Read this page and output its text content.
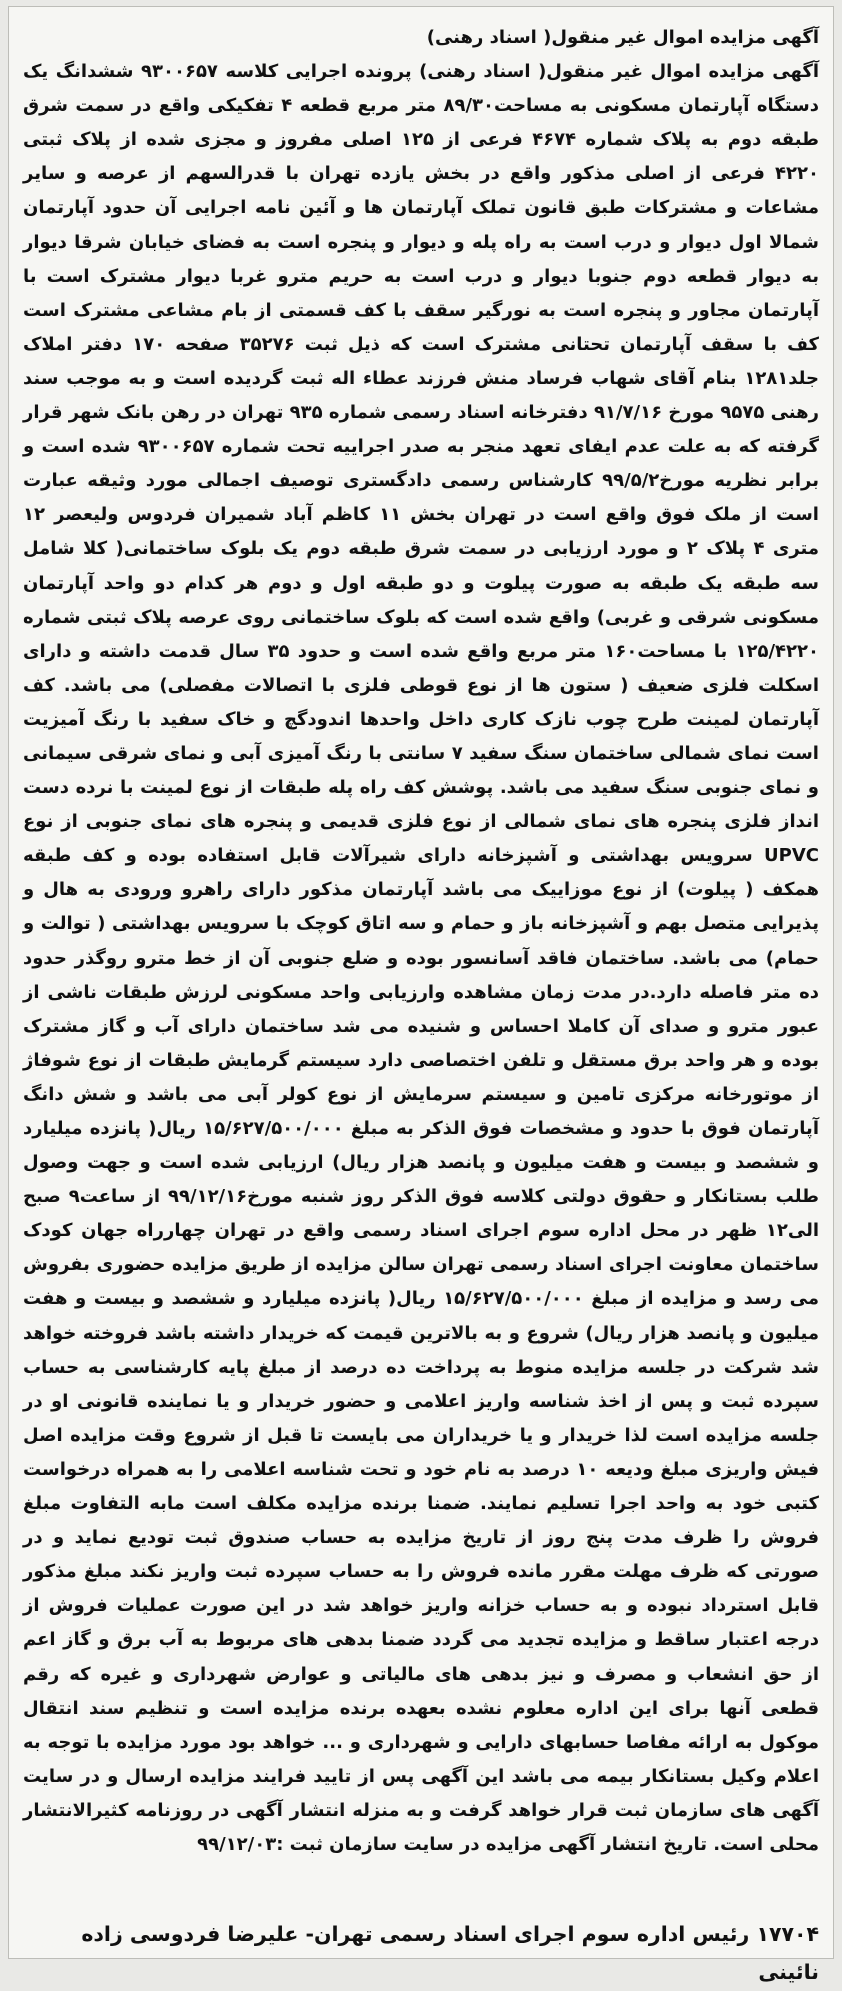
آگهی مزایده اموال غیر منقول( اسناد رهنی)

آگهی مزایده اموال غیر منقول( اسناد رهنی) پرونده اجرایی کلاسه ۹۳۰۰۶۵۷ ششدانگ یک دستگاه آپارتمان مسکونی به مساحت۸۹/۳۰ متر مربع قطعه ۴ تفکیکی واقع در سمت شرق طبقه دوم به پلاک شماره ۴۶۷۴ فرعی از ۱۲۵ اصلی مفروز و مجزی شده از پلاک ثبتی ۴۲۲۰ فرعی از اصلی مذکور واقع در بخش یازده تهران با قدرالسهم از عرصه و سایر مشاعات و مشترکات طبق قانون تملک آپارتمان ها و آئین نامه اجرایی آن حدود آپارتمان شمالا اول دیوار و درب است به راه پله و دیوار و پنجره است به فضای خیابان شرقا دیوار به دیوار قطعه دوم جنوبا دیوار و درب است به حریم مترو غربا دیوار مشترک است با آپارتمان مجاور و پنجره است به نورگیر سقف با کف قسمتی از بام مشاعی مشترک است کف با سقف آپارتمان تحتانی مشترک است که ذیل ثبت ۳۵۲۷۶ صفحه ۱۷۰ دفتر املاک جلد۱۲۸۱ بنام آقای شهاب فرساد منش فرزند عطاء اله ثبت گردیده است و به موجب سند رهنی ۹۵۷۵ مورخ ۹۱/۷/۱۶ دفترخانه اسناد رسمی شماره ۹۳۵ تهران در رهن بانک شهر قرار گرفته که به علت عدم ایفای تعهد منجر به صدر اجراییه تحت شماره ۹۳۰۰۶۵۷ شده است و برابر نظریه مورخ۹۹/۵/۲ کارشناس رسمی دادگستری توصیف اجمالی مورد وثیقه عبارت است از ملک فوق واقع است در تهران بخش ۱۱ کاظم آباد شمیران فردوس ولیعصر ۱۲ متری ۴ پلاک ۲ و مورد ارزیابی در سمت شرق طبقه دوم یک بلوک ساختمانی( کلا شامل سه طبقه یک طبقه به صورت پیلوت و دو طبقه اول و دوم هر کدام دو واحد آپارتمان مسکونی شرقی و غربی) واقع شده است که بلوک ساختمانی روی عرصه پلاک ثبتی شماره ۱۲۵/۴۲۲۰ با مساحت۱۶۰ متر مربع واقع شده است و حدود ۳۵ سال قدمت داشته و دارای اسکلت فلزی ضعیف ( ستون ها از نوع قوطی فلزی با اتصالات مفصلی) می باشد. کف آپارتمان لمینت طرح چوب نازک کاری داخل واحدها اندودگچ و خاک سفید با رنگ آمیزیت است نمای شمالی ساختمان سنگ سفید ۷ سانتی با رنگ آمیزی آبی و نمای شرقی سیمانی و نمای جنوبی سنگ سفید می باشد. پوشش کف راه پله طبقات از نوع لمینت با نرده دست انداز فلزی پنجره های نمای شمالی از نوع فلزی قدیمی و پنجره های نمای جنوبی از نوع UPVC سرویس بهداشتی و آشپزخانه دارای شیرآلات قابل استفاده بوده و کف طبقه همکف ( پیلوت) از نوع موزاییک می باشد آپارتمان مذکور دارای راهرو ورودی به هال و پذیرایی متصل بهم و آشپزخانه باز و حمام و سه اتاق کوچک با سرویس بهداشتی ( توالت و حمام) می باشد. ساختمان فاقد آسانسور بوده و ضلع جنوبی آن از خط مترو روگذر حدود ده متر فاصله دارد.در مدت زمان مشاهده وارزیابی واحد مسکونی لرزش طبقات ناشی از عبور مترو و صدای آن کاملا احساس و شنیده می شد ساختمان دارای آب و گاز مشترک بوده و هر واحد برق مستقل و تلفن اختصاصی دارد سیستم گرمایش طبقات از نوع شوفاژ از موتورخانه مرکزی تامین و سیستم سرمایش از نوع کولر آبی می باشد و شش دانگ آپارتمان فوق با حدود و مشخصات فوق الذکر به مبلغ ۱۵/۶۲۷/۵۰۰/۰۰۰ ریال( پانزده میلیارد و ششصد و بیست و هفت میلیون و پانصد هزار ریال) ارزیابی شده است و جهت وصول طلب بستانکار و حقوق دولتی کلاسه فوق الذکر روز شنبه مورخ۹۹/۱۲/۱۶ از ساعت۹ صبح الی۱۲ ظهر در محل اداره سوم اجرای اسناد رسمی واقع در تهران چهارراه جهان کودک ساختمان معاونت اجرای اسناد رسمی تهران سالن مزایده از طریق مزایده حضوری بفروش می رسد و مزایده از مبلغ ۱۵/۶۲۷/۵۰۰/۰۰۰ ریال( پانزده میلیارد و ششصد و بیست و هفت میلیون و پانصد هزار ریال) شروع و به بالاترین قیمت که خریدار داشته باشد فروخته خواهد شد شرکت در جلسه مزایده منوط به پرداخت ده درصد از مبلغ پایه کارشناسی به حساب سپرده ثبت و پس از اخذ شناسه واریز اعلامی و حضور خریدار و یا نماینده قانونی او در جلسه مزایده است لذا خریدار و یا خریداران می بایست تا قبل از شروع وقت مزایده اصل فیش واریزی مبلغ ودیعه ۱۰ درصد به نام خود و تحت شناسه اعلامی را به همراه درخواست کتبی خود به واحد اجرا تسلیم نمایند. ضمنا برنده مزایده مکلف است مابه التفاوت مبلغ فروش را ظرف مدت پنج روز از تاریخ مزایده به حساب صندوق ثبت تودیع نماید و در صورتی که ظرف مهلت مقرر مانده فروش را به حساب سپرده ثبت واریز نکند مبلغ مذکور قابل استرداد نبوده و به حساب خزانه واریز خواهد شد در این صورت عملیات فروش از درجه اعتبار ساقط و مزایده تجدید می گردد ضمنا بدهی های مربوط به آب برق و گاز اعم از حق انشعاب و مصرف و نیز بدهی های مالیاتی و عوارض شهرداری و غیره که رقم قطعی آنها برای این اداره معلوم نشده بعهده برنده مزایده است و تنظیم سند انتقال موکول به ارائه مفاصا حسابهای دارایی و شهرداری و ... خواهد بود مورد مزایده با توجه به اعلام وکیل بستانکار بیمه می باشد این آگهی پس از تایید فرایند مزایده ارسال و در سایت آگهی های سازمان ثبت قرار خواهد گرفت و به منزله انتشار آگهی در روزنامه کثیرالانتشار محلی است. تاریخ انتشار آگهی مزایده در سایت سازمان ثبت :۹۹/۱۲/۰۳

۱۷۷۰۴ رئیس اداره سوم اجرای اسناد رسمی تهران- علیرضا فردوسی زاده نائینی
